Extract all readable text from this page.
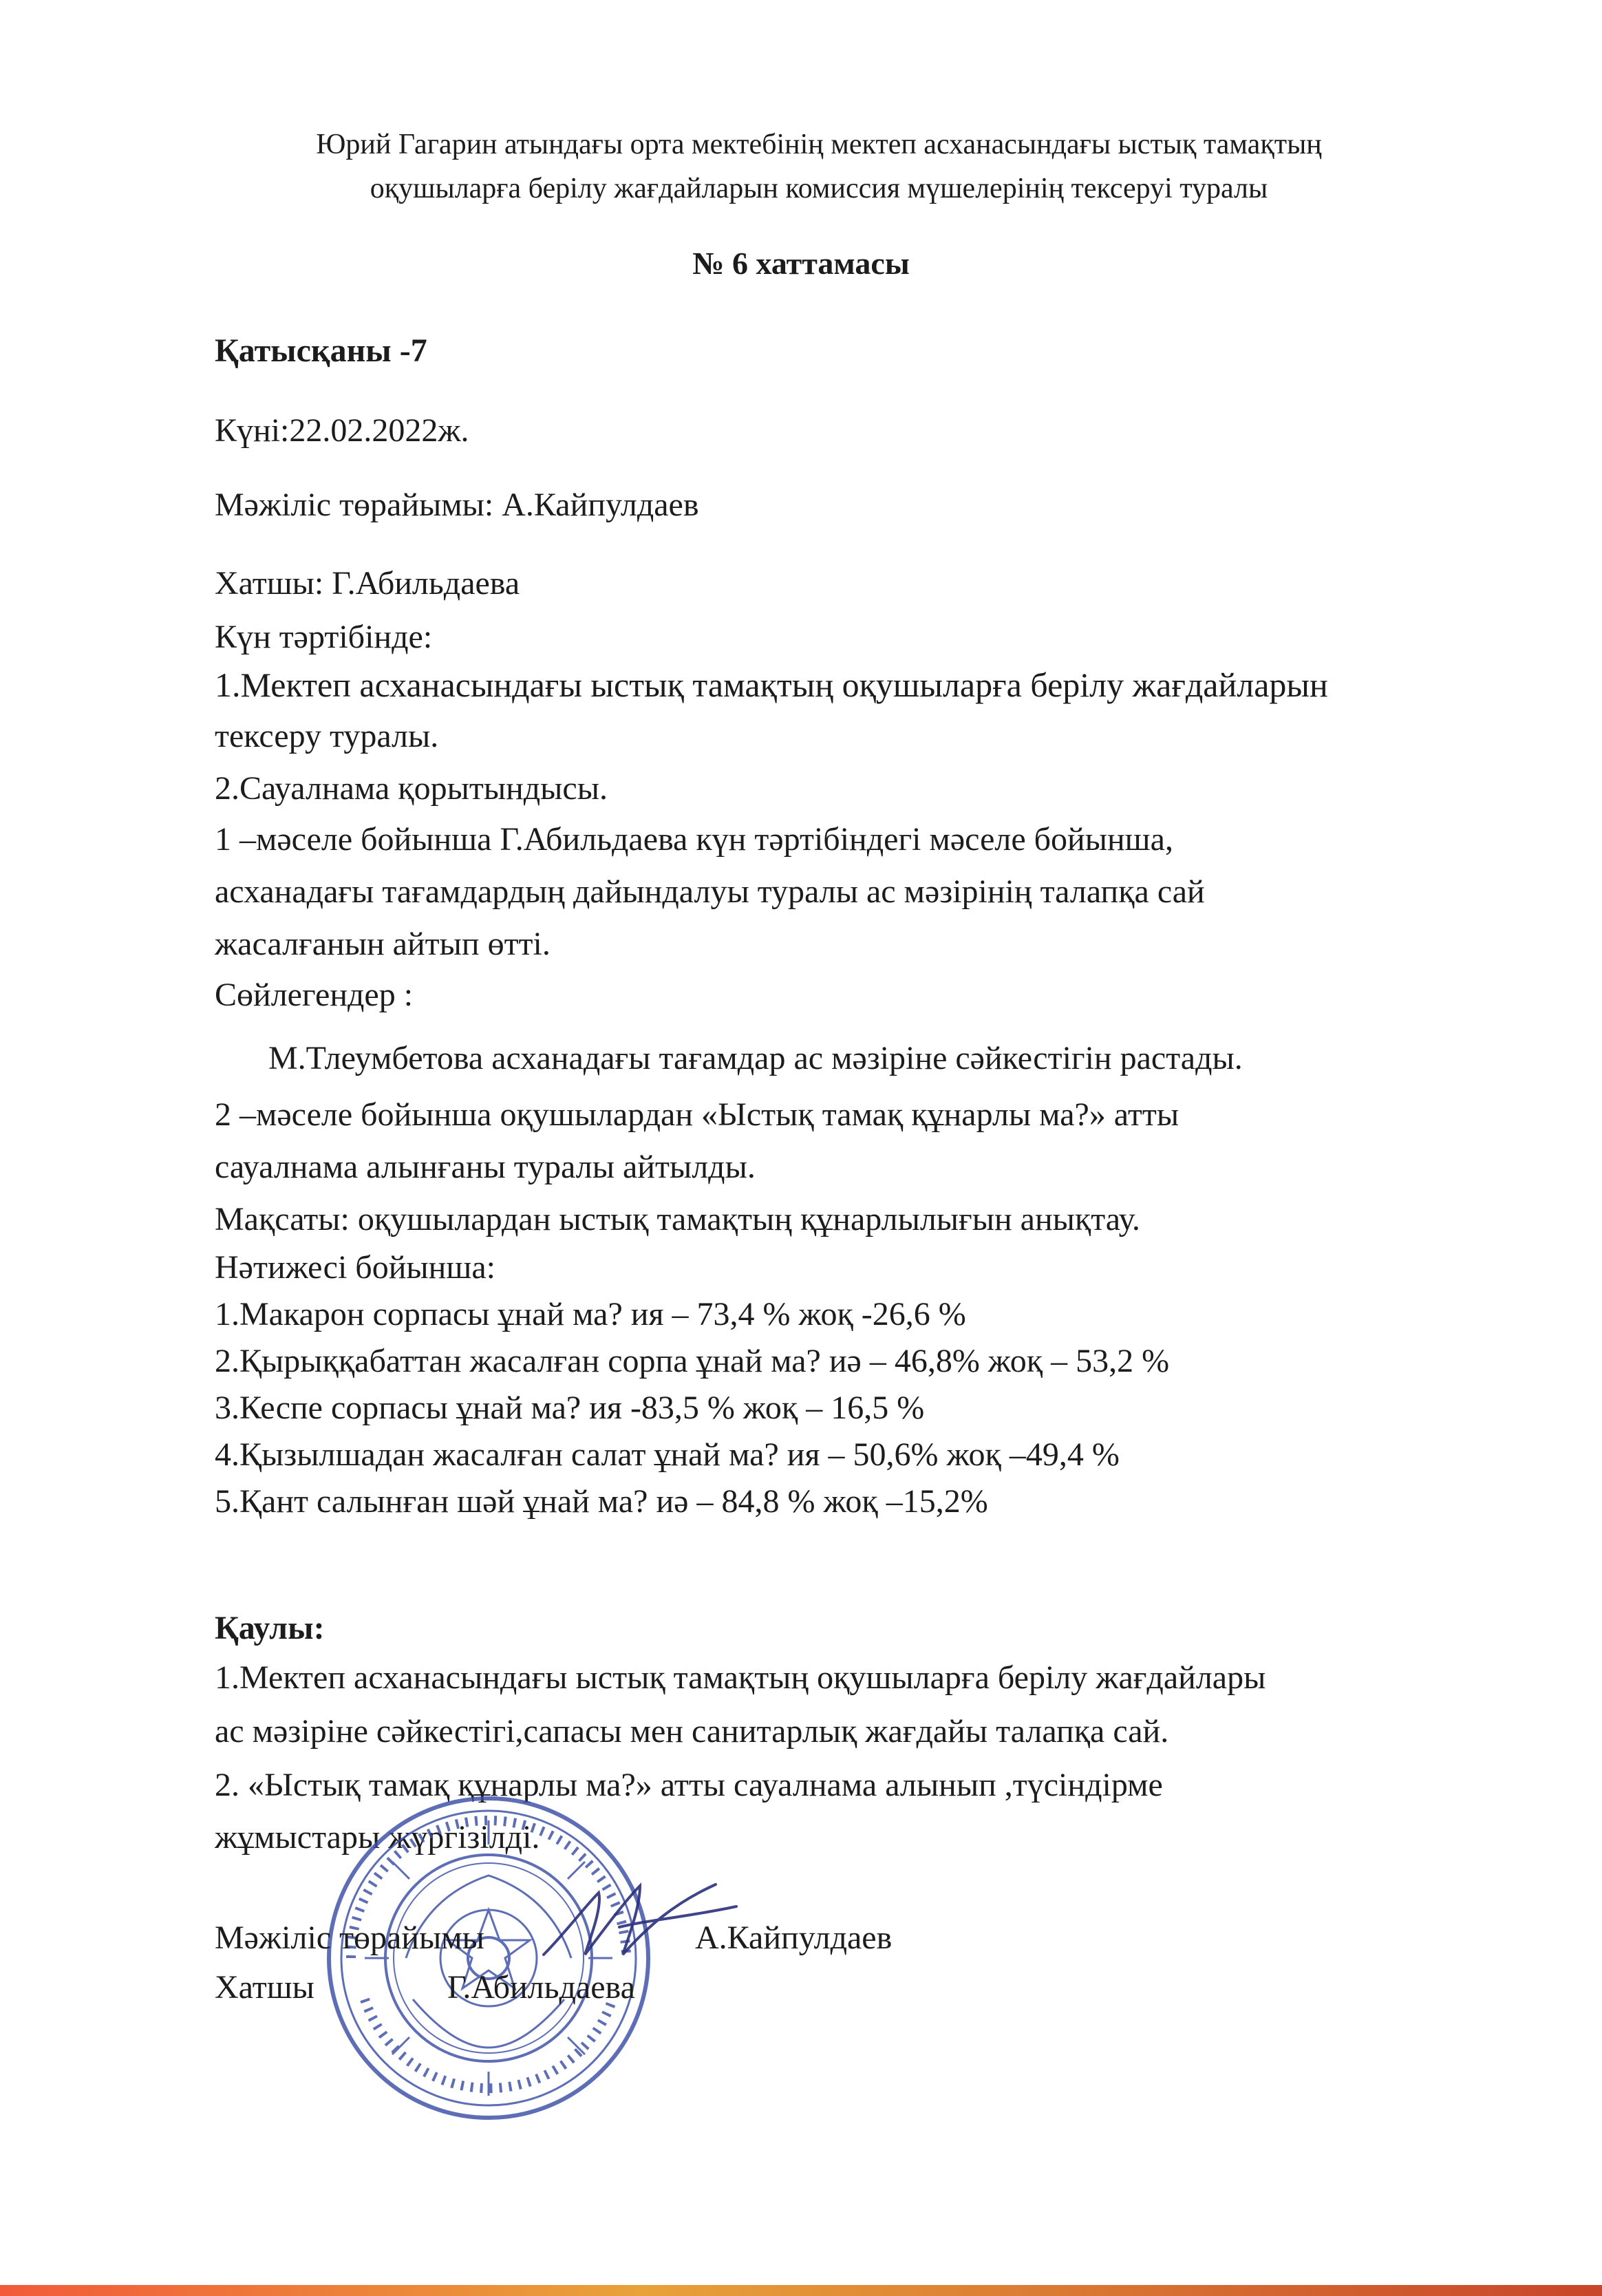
Юрий Гагарин атындағы орта мектебінің мектеп асханасындағы ыстық тамақтың
оқушыларға берілу жағдайларын комиссия мүшелерінің тексеруі туралы
№ 6 хаттамасы
Қатысқаны -7
Күні:22.02.2022ж.
Мәжіліс төрайымы: А.Кайпулдаев
Хатшы: Г.Абильдаева
Күн тәртібінде:
1.Мектеп асханасындағы ыстық тамақтың оқушыларға берілу жағдайларын
тексеру туралы.
2.Сауалнама қорытындысы.
1 –мәселе бойынша Г.Абильдаева күн тәртібіндегі мәселе бойынша,
асханадағы тағамдардың дайындалуы туралы ас мәзірінің талапқа сай
жасалғанын айтып өтті.
Сөйлегендер :
М.Тлеумбетова асханадағы тағамдар ас мәзіріне сәйкестігін растады.
2 –мәселе бойынша оқушылардан «Ыстық тамақ құнарлы ма?» атты
сауалнама алынғаны туралы айтылды.
Мақсаты: оқушылардан ыстық тамақтың құнарлылығын анықтау.
Нәтижесі бойынша:
1.Макарон сорпасы ұнай ма? ия – 73,4 % жоқ -26,6 %
2.Қырыққабаттан жасалған сорпа ұнай ма? иә – 46,8% жоқ – 53,2 %
3.Кеспе сорпасы ұнай ма? ия -83,5 % жоқ – 16,5 %
4.Қызылшадан жасалған салат ұнай ма? ия – 50,6% жоқ –49,4 %
5.Қант салынған шәй ұнай ма? иә – 84,8 % жоқ –15,2%
Қаулы:
1.Мектеп асханасындағы ыстық тамақтың оқушыларға берілу жағдайлары
ас мәзіріне сәйкестігі,сапасы мен санитарлық жағдайы талапқа сай.
2. «Ыстық тамақ құнарлы ма?» атты сауалнама алынып ,түсіндірме
жұмыстары жүргізілді.
Мәжіліс төрайымы	А.Кайпулдаев
Хатшы	Г.Абильдаева
